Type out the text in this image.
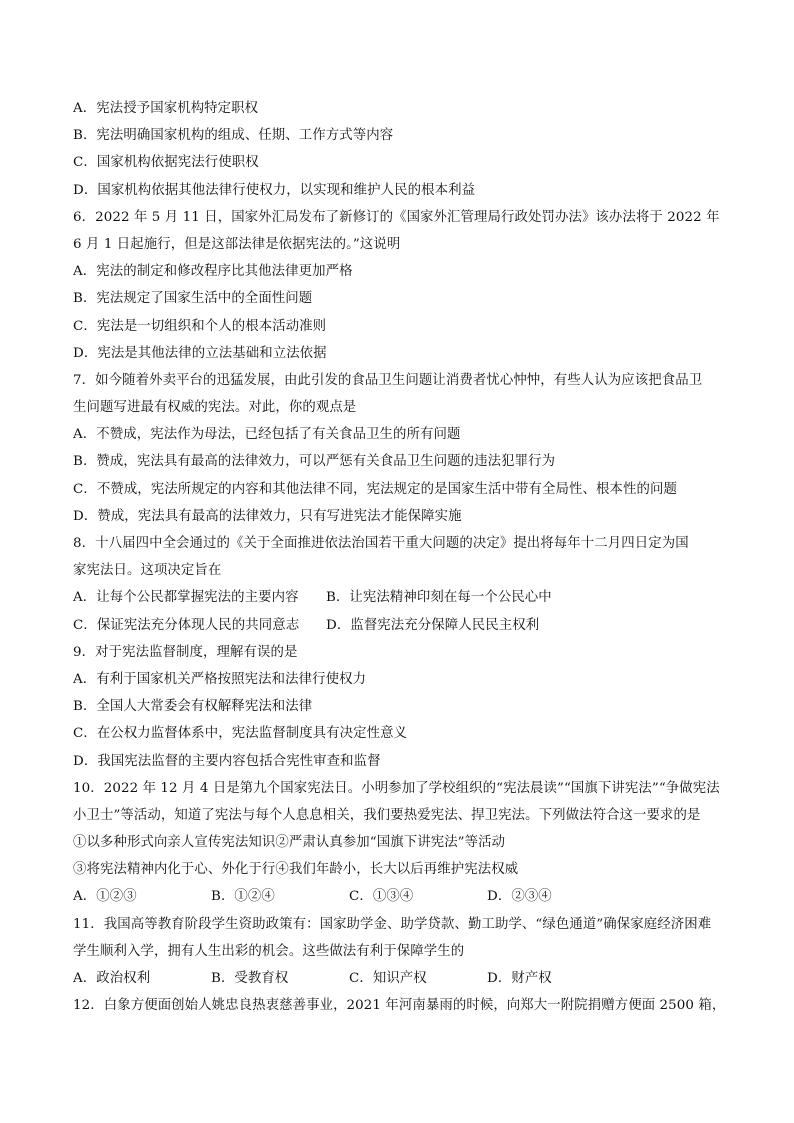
A．宪法授予国家机构特定职权
B．宪法明确国家机构的组成、任期、工作方式等内容
C．国家机构依据宪法行使职权
D．国家机构依据其他法律行使权力，以实现和维护人民的根本利益
6．2022 年 5 月 11 日，国家外汇局发布了新修订的《国家外汇管理局行政处罚办法》该办法将于 2022 年
6 月 1 日起施行，但是这部法律是依据宪法的。”这说明
A．宪法的制定和修改程序比其他法律更加严格
B．宪法规定了国家生活中的全面性问题
C．宪法是一切组织和个人的根本活动准则
D．宪法是其他法律的立法基础和立法依据
7．如今随着外卖平台的迅猛发展，由此引发的食品卫生问题让消费者忧心忡忡，有些人认为应该把食品卫
生问题写进最有权威的宪法。对此，你的观点是
A．不赞成，宪法作为母法，已经包括了有关食品卫生的所有问题
B．赞成，宪法具有最高的法律效力，可以严惩有关食品卫生问题的违法犯罪行为
C．不赞成，宪法所规定的内容和其他法律不同，宪法规定的是国家生活中带有全局性、根本性的问题
D．赞成，宪法具有最高的法律效力，只有写进宪法才能保障实施
8．十八届四中全会通过的《关于全面推进依法治国若干重大问题的决定》提出将每年十二月四日定为国
家宪法日。这项决定旨在
A．让每个公民都掌握宪法的主要内容	B．让宪法精神印刻在每一个公民心中
C．保证宪法充分体现人民的共同意志	D．监督宪法充分保障人民民主权利
9．对于宪法监督制度，理解有误的是
A．有利于国家机关严格按照宪法和法律行使权力
B．全国人大常委会有权解释宪法和法律
C．在公权力监督体系中，宪法监督制度具有决定性意义
D．我国宪法监督的主要内容包括合宪性审查和监督
10．2022 年 12 月 4 日是第九个国家宪法日。小明参加了学校组织的“宪法晨读”“国旗下讲宪法”“争做宪法
小卫士”等活动，知道了宪法与每个人息息相关，我们要热爱宪法、捍卫宪法。下列做法符合这一要求的是
①以多种形式向亲人宣传宪法知识②严肃认真参加“国旗下讲宪法”等活动
③将宪法精神内化于心、外化于行④我们年龄小，长大以后再维护宪法权威
A．①②③	B．①②④	C．①③④	D．②③④
11．我国高等教育阶段学生资助政策有：国家助学金、助学贷款、勤工助学、“绿色通道”确保家庭经济困难
学生顺利入学，拥有人生出彩的机会。这些做法有利于保障学生的
A．政治权利	B．受教育权	C．知识产权	D．财产权
12．白象方便面创始人姚忠良热衷慈善事业，2021 年河南暴雨的时候，向郑大一附院捐赠方便面 2500 箱，
